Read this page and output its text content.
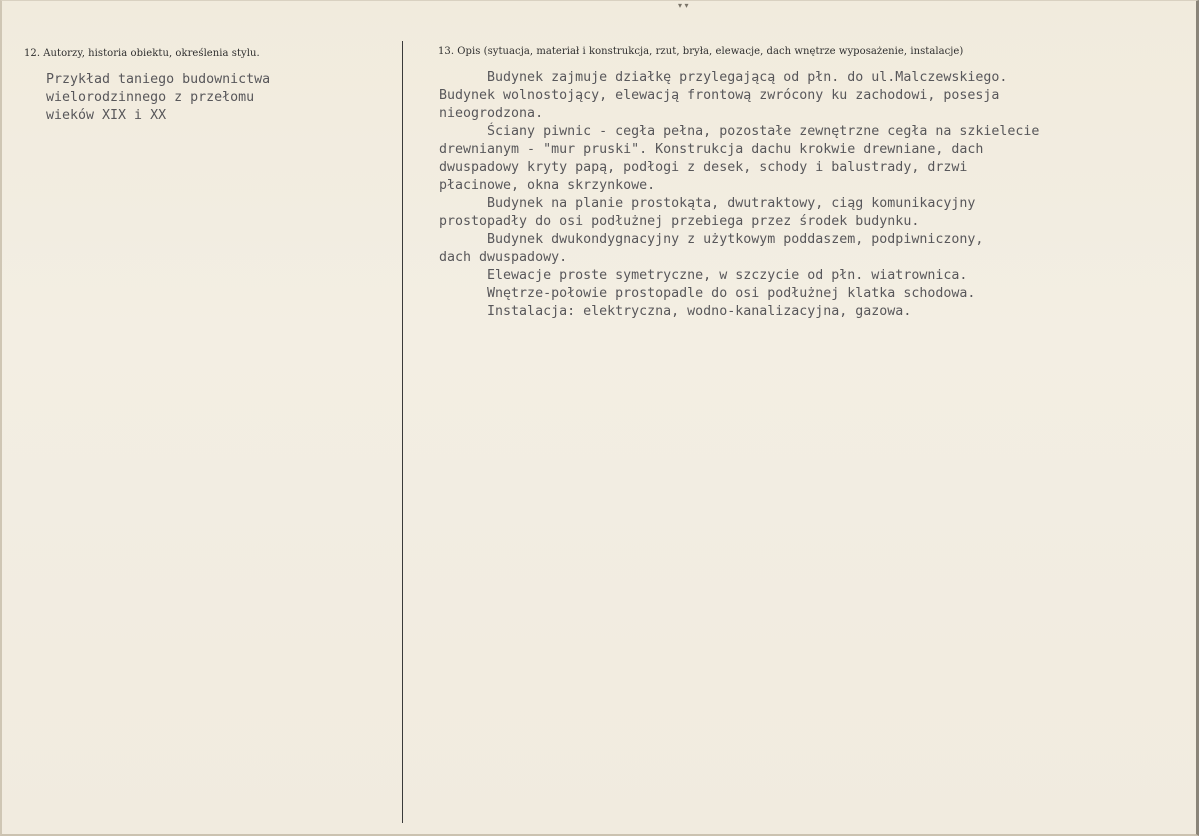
▾ ▾
12. Autorzy, historia obiektu, określenia stylu.
Przykład taniego budownictwa
wielorodzinnego z przełomu
wieków XIX i XX
13. Opis (sytuacja, materiał i konstrukcja, rzut, bryła, elewacje, dach wnętrze wyposażenie, instalacje)
Budynek zajmuje działkę przylegającą od płn. do ul.Malczewskiego.
Budynek wolnostojący, elewacją frontową zwrócony ku zachodowi, posesja
nieogrodzona.
Ściany piwnic - cegła pełna, pozostałe zewnętrzne cegła na szkielecie
drewnianym - "mur pruski". Konstrukcja dachu krokwie drewniane, dach
dwuspadowy kryty papą, podłogi z desek, schody i balustrady, drzwi
płacinowe, okna skrzynkowe.
Budynek na planie prostokąta, dwutraktowy, ciąg komunikacyjny
prostopadły do osi podłużnej przebiega przez środek budynku.
Budynek dwukondygnacyjny z użytkowym poddaszem, podpiwniczony,
dach dwuspadowy.
Elewacje proste symetryczne, w szczycie od płn. wiatrownica.
Wnętrze-połowie prostopadle do osi podłużnej klatka schodowa.
Instalacja: elektryczna, wodno-kanalizacyjna, gazowa.
